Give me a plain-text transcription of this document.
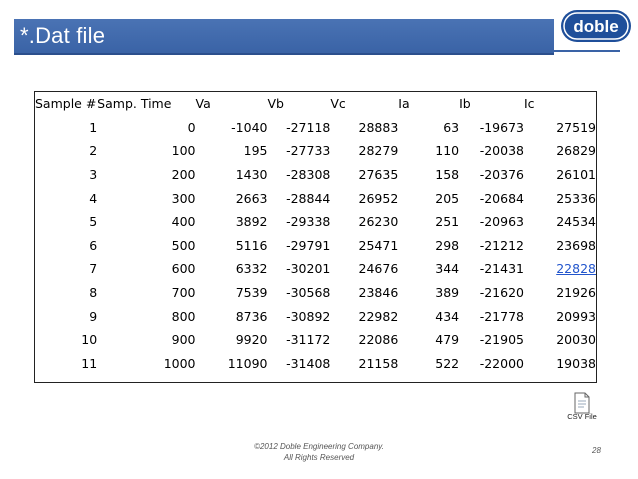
*.Dat file	doble
Sample #	Samp. Time	Va	Vb	Vc	Ia	Ib	Ic
1	0	-1040	-27118	28883	63	-19673	27519
2	100	195	-27733	28279	110	-20038	26829
3	200	1430	-28308	27635	158	-20376	26101
4	300	2663	-28844	26952	205	-20684	25336
5	400	3892	-29338	26230	251	-20963	24534
6	500	5116	-29791	25471	298	-21212	23698
7	600	6332	-30201	24676	344	-21431	22828
8	700	7539	-30568	23846	389	-21620	21926
9	800	8736	-30892	22982	434	-21778	20993
10	900	9920	-31172	22086	479	-21905	20030
11	1000	11090	-31408	21158	522	-22000	19038
CSV File
©2012 Doble Engineering Company.
All Rights Reserved
28
